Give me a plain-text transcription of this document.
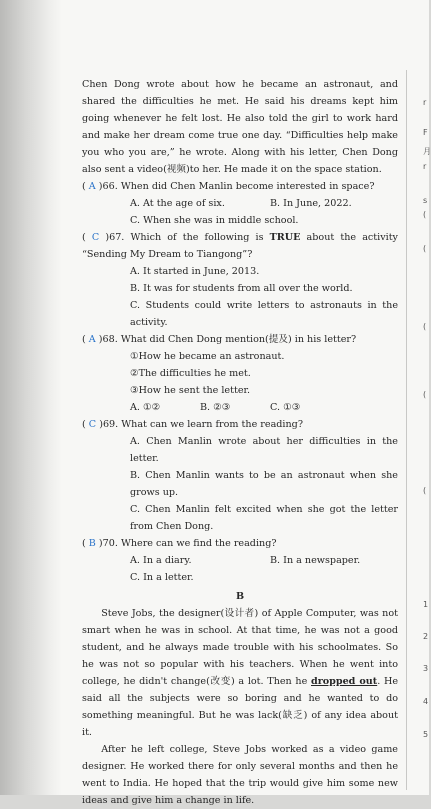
Chen Dong wrote about how he became an astronaut, and shared the difficulties he met. He said his dreams kept him going whenever he felt lost. He also told the girl to work hard and make her dream come true one day. “Difficulties help make you who you are,” he wrote. Along with his letter, Chen Dong also sent a video(视频)to her. He made it on the space station.

( A )66. When did Chen Manlin become interested in space?

A. At the age of six.	B. In June, 2022.

C. When she was in middle school.

( C )67. Which of the following is TRUE about the activity “Sending My Dream to Tiangong”?

A. It started in June, 2013.

B. It was for students from all over the world.

C. Students could write letters to astronauts in the activity.

( A )68. What did Chen Dong mention(提及) in his letter?

①How he became an astronaut.

②The difficulties he met.

③How he sent the letter.

A. ①②	B. ②③	C. ①③

( C )69. What can we learn from the reading?

A. Chen Manlin wrote about her difficulties in the letter.

B. Chen Manlin wants to be an astronaut when she grows up.

C. Chen Manlin felt excited when she got the letter from Chen Dong.

( B )70. Where can we find the reading?

A. In a diary.	B. In a newspaper.

C. In a letter.

B

Steve Jobs, the designer(设计者) of Apple Computer, was not smart when he was in school. At that time, he was not a good student, and he always made trouble with his schoolmates. So he was not so popular with his teachers. When he went into college, he didn't change(改变) a lot. Then he dropped out. He said all the subjects were so boring and he wanted to do something meaningful. But he was lack(缺乏) of any idea about it.

After he left college, Steve Jobs worked as a video game designer. He worked there for only several months and then he went to India. He hoped that the trip would give him some new ideas and give him a change in life.

r
F
月
r
s
(
(
(
(
(
1
2
3
4
5
